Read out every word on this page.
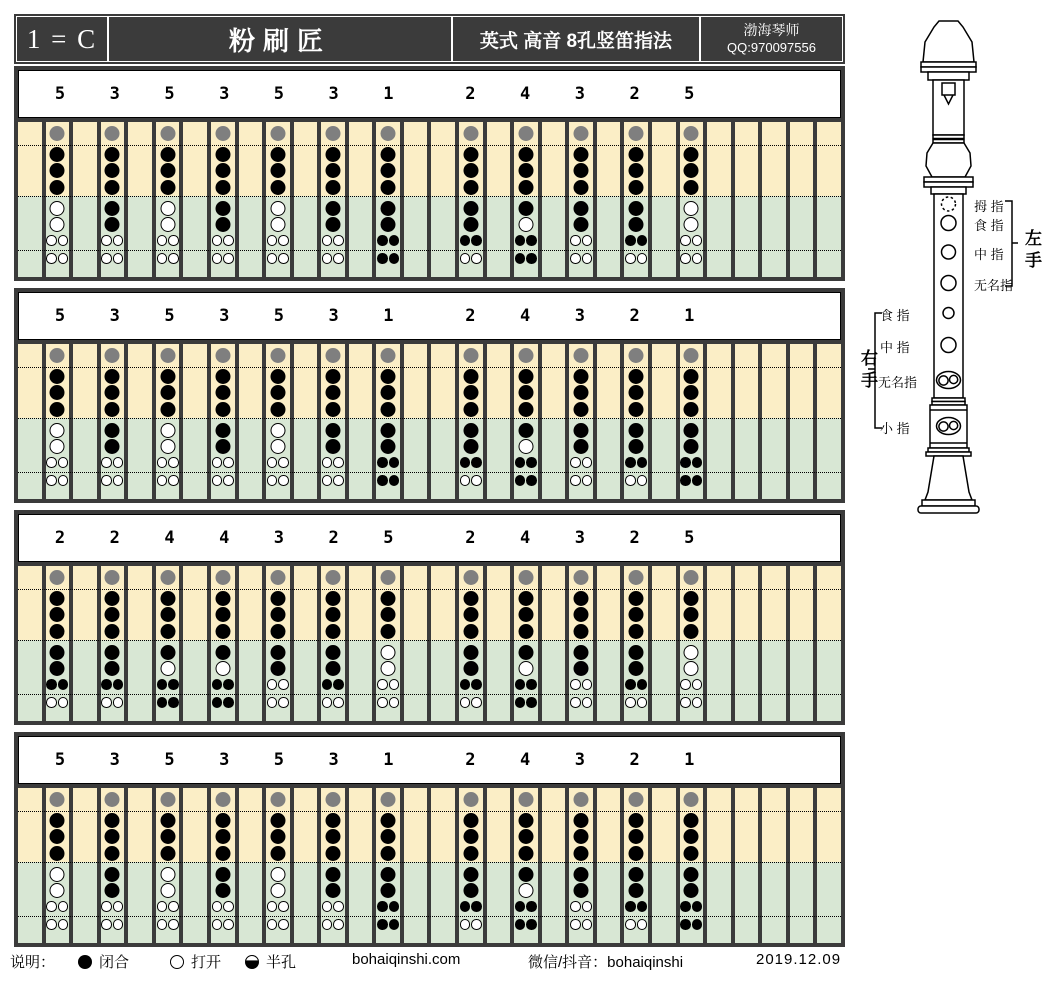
1 = C	粉刷匠	英式 高音 8孔竖笛指法
渤海琴师
QQ:970097556
5	3	5	3	5	3	1	2	4	3	2	5
5	3	5	3	5	3	1	2	4	3	2	1
2	2	4	4	3	2	5	2	4	3	2	5
5	3	5	3	5	3	1	2	4	3	2	1
说明：	闭合	打开	半孔	bohaiqinshi.com	微信/抖音：bohaiqinshi	2019.12.09
拇 指
食 指
中 指
无名指
食 指
中 指
无名指
小 指
左手
右手
